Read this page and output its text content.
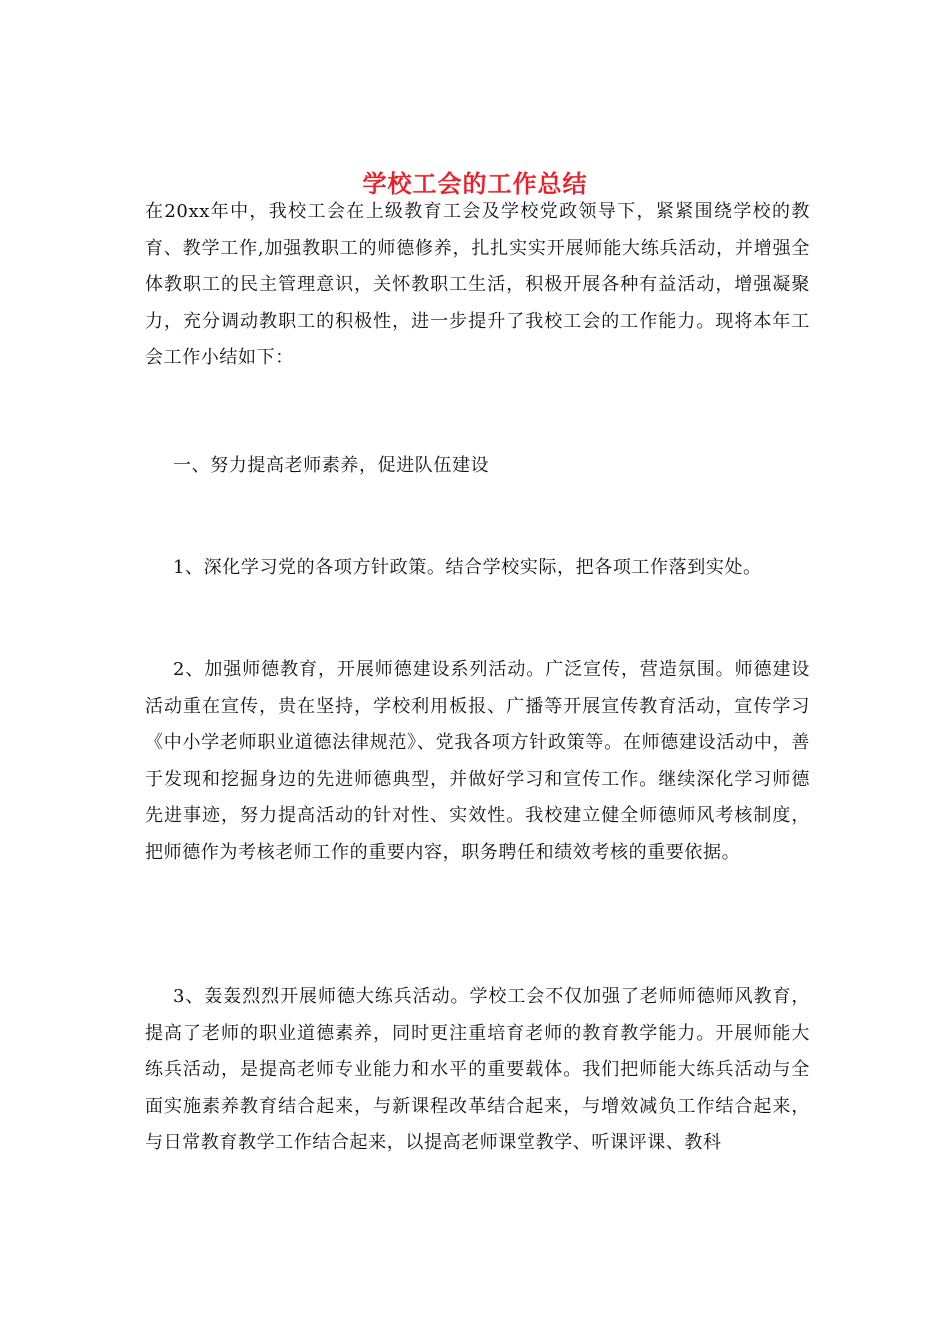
学校工会的工作总结

在20xx年中，我校工会在上级教育工会及学校党政领导下，紧紧围绕学校的教育、教学工作,加强教职工的师德修养，扎扎实实开展师能大练兵活动，并增强全体教职工的民主管理意识，关怀教职工生活，积极开展各种有益活动，增强凝聚力，充分调动教职工的积极性，进一步提升了我校工会的工作能力。现将本年工会工作小结如下：

一、努力提高老师素养，促进队伍建设

1、深化学习党的各项方针政策。结合学校实际，把各项工作落到实处。

2、加强师德教育，开展师德建设系列活动。广泛宣传，营造氛围。师德建设活动重在宣传，贵在坚持，学校利用板报、广播等开展宣传教育活动，宣传学习《中小学老师职业道德法律规范》、党我各项方针政策等。在师德建设活动中，善于发现和挖掘身边的先进师德典型，并做好学习和宣传工作。继续深化学习师德先进事迹，努力提高活动的针对性、实效性。我校建立健全师德师风考核制度，把师德作为考核老师工作的重要内容，职务聘任和绩效考核的重要依据。

3、轰轰烈烈开展师德大练兵活动。学校工会不仅加强了老师师德师风教育，提高了老师的职业道德素养，同时更注重培育老师的教育教学能力。开展师能大练兵活动，是提高老师专业能力和水平的重要载体。我们把师能大练兵活动与全面实施素养教育结合起来，与新课程改革结合起来，与增效减负工作结合起来，与日常教育教学工作结合起来，以提高老师课堂教学、听课评课、教科
